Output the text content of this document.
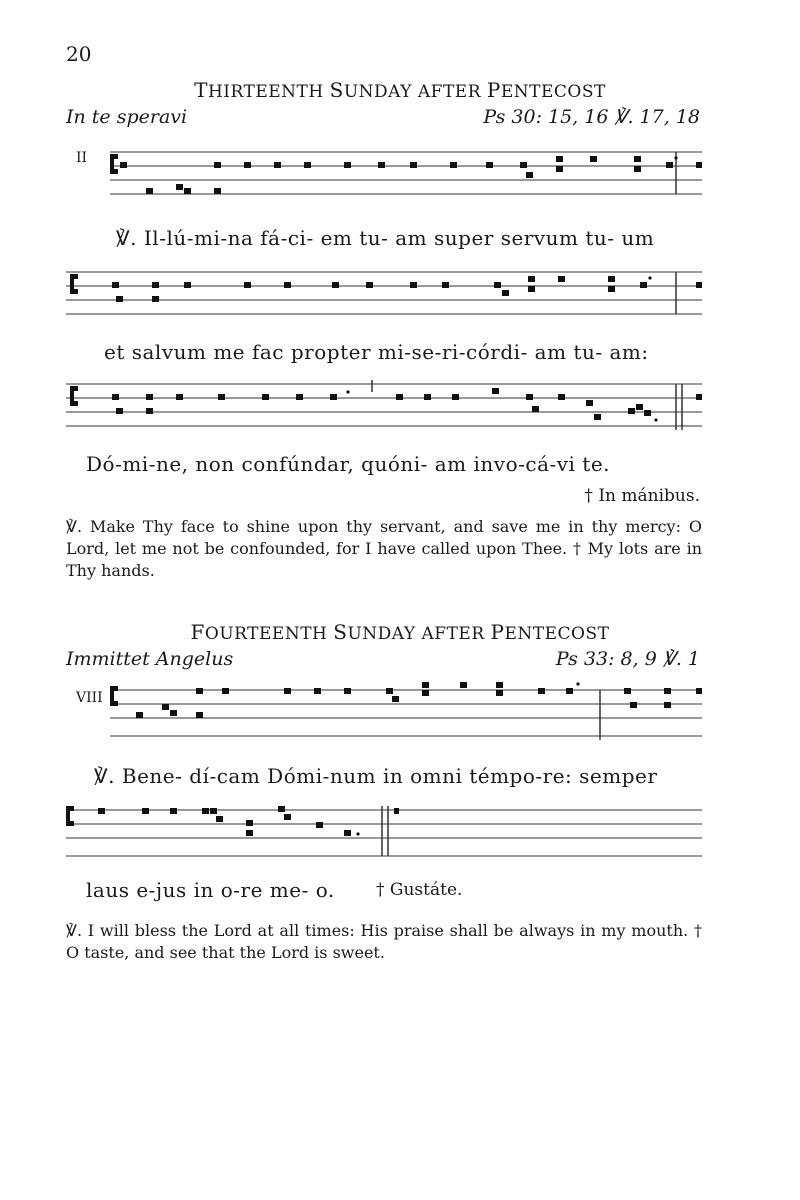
20
THIRTEENTH SUNDAY AFTER PENTECOST
In te speravi	Ps 30: 15, 16 ℣. 17, 18
II
℣. Il-lú-mi-na fá-ci- em tu- am super servum tu- um
et salvum me fac propter mi-se-ri-córdi- am tu- am:
Dó-mi-ne, non confúndar, quóni- am invo-cá-vi te.
† In mánibus.
℣. Make Thy face to shine upon thy servant, and save me in thy mercy: O Lord, let me not be confounded, for I have called upon Thee. † My lots are in Thy hands.
FOURTEENTH SUNDAY AFTER PENTECOST
Immittet Angelus	Ps 33: 8, 9 ℣. 1
VIII
℣. Bene- dí-cam Dómi-num in omni témpo-re: semper
laus e-jus in o-re me- o. † Gustáte.
℣. I will bless the Lord at all times: His praise shall be always in my mouth. † O taste, and see that the Lord is sweet.
